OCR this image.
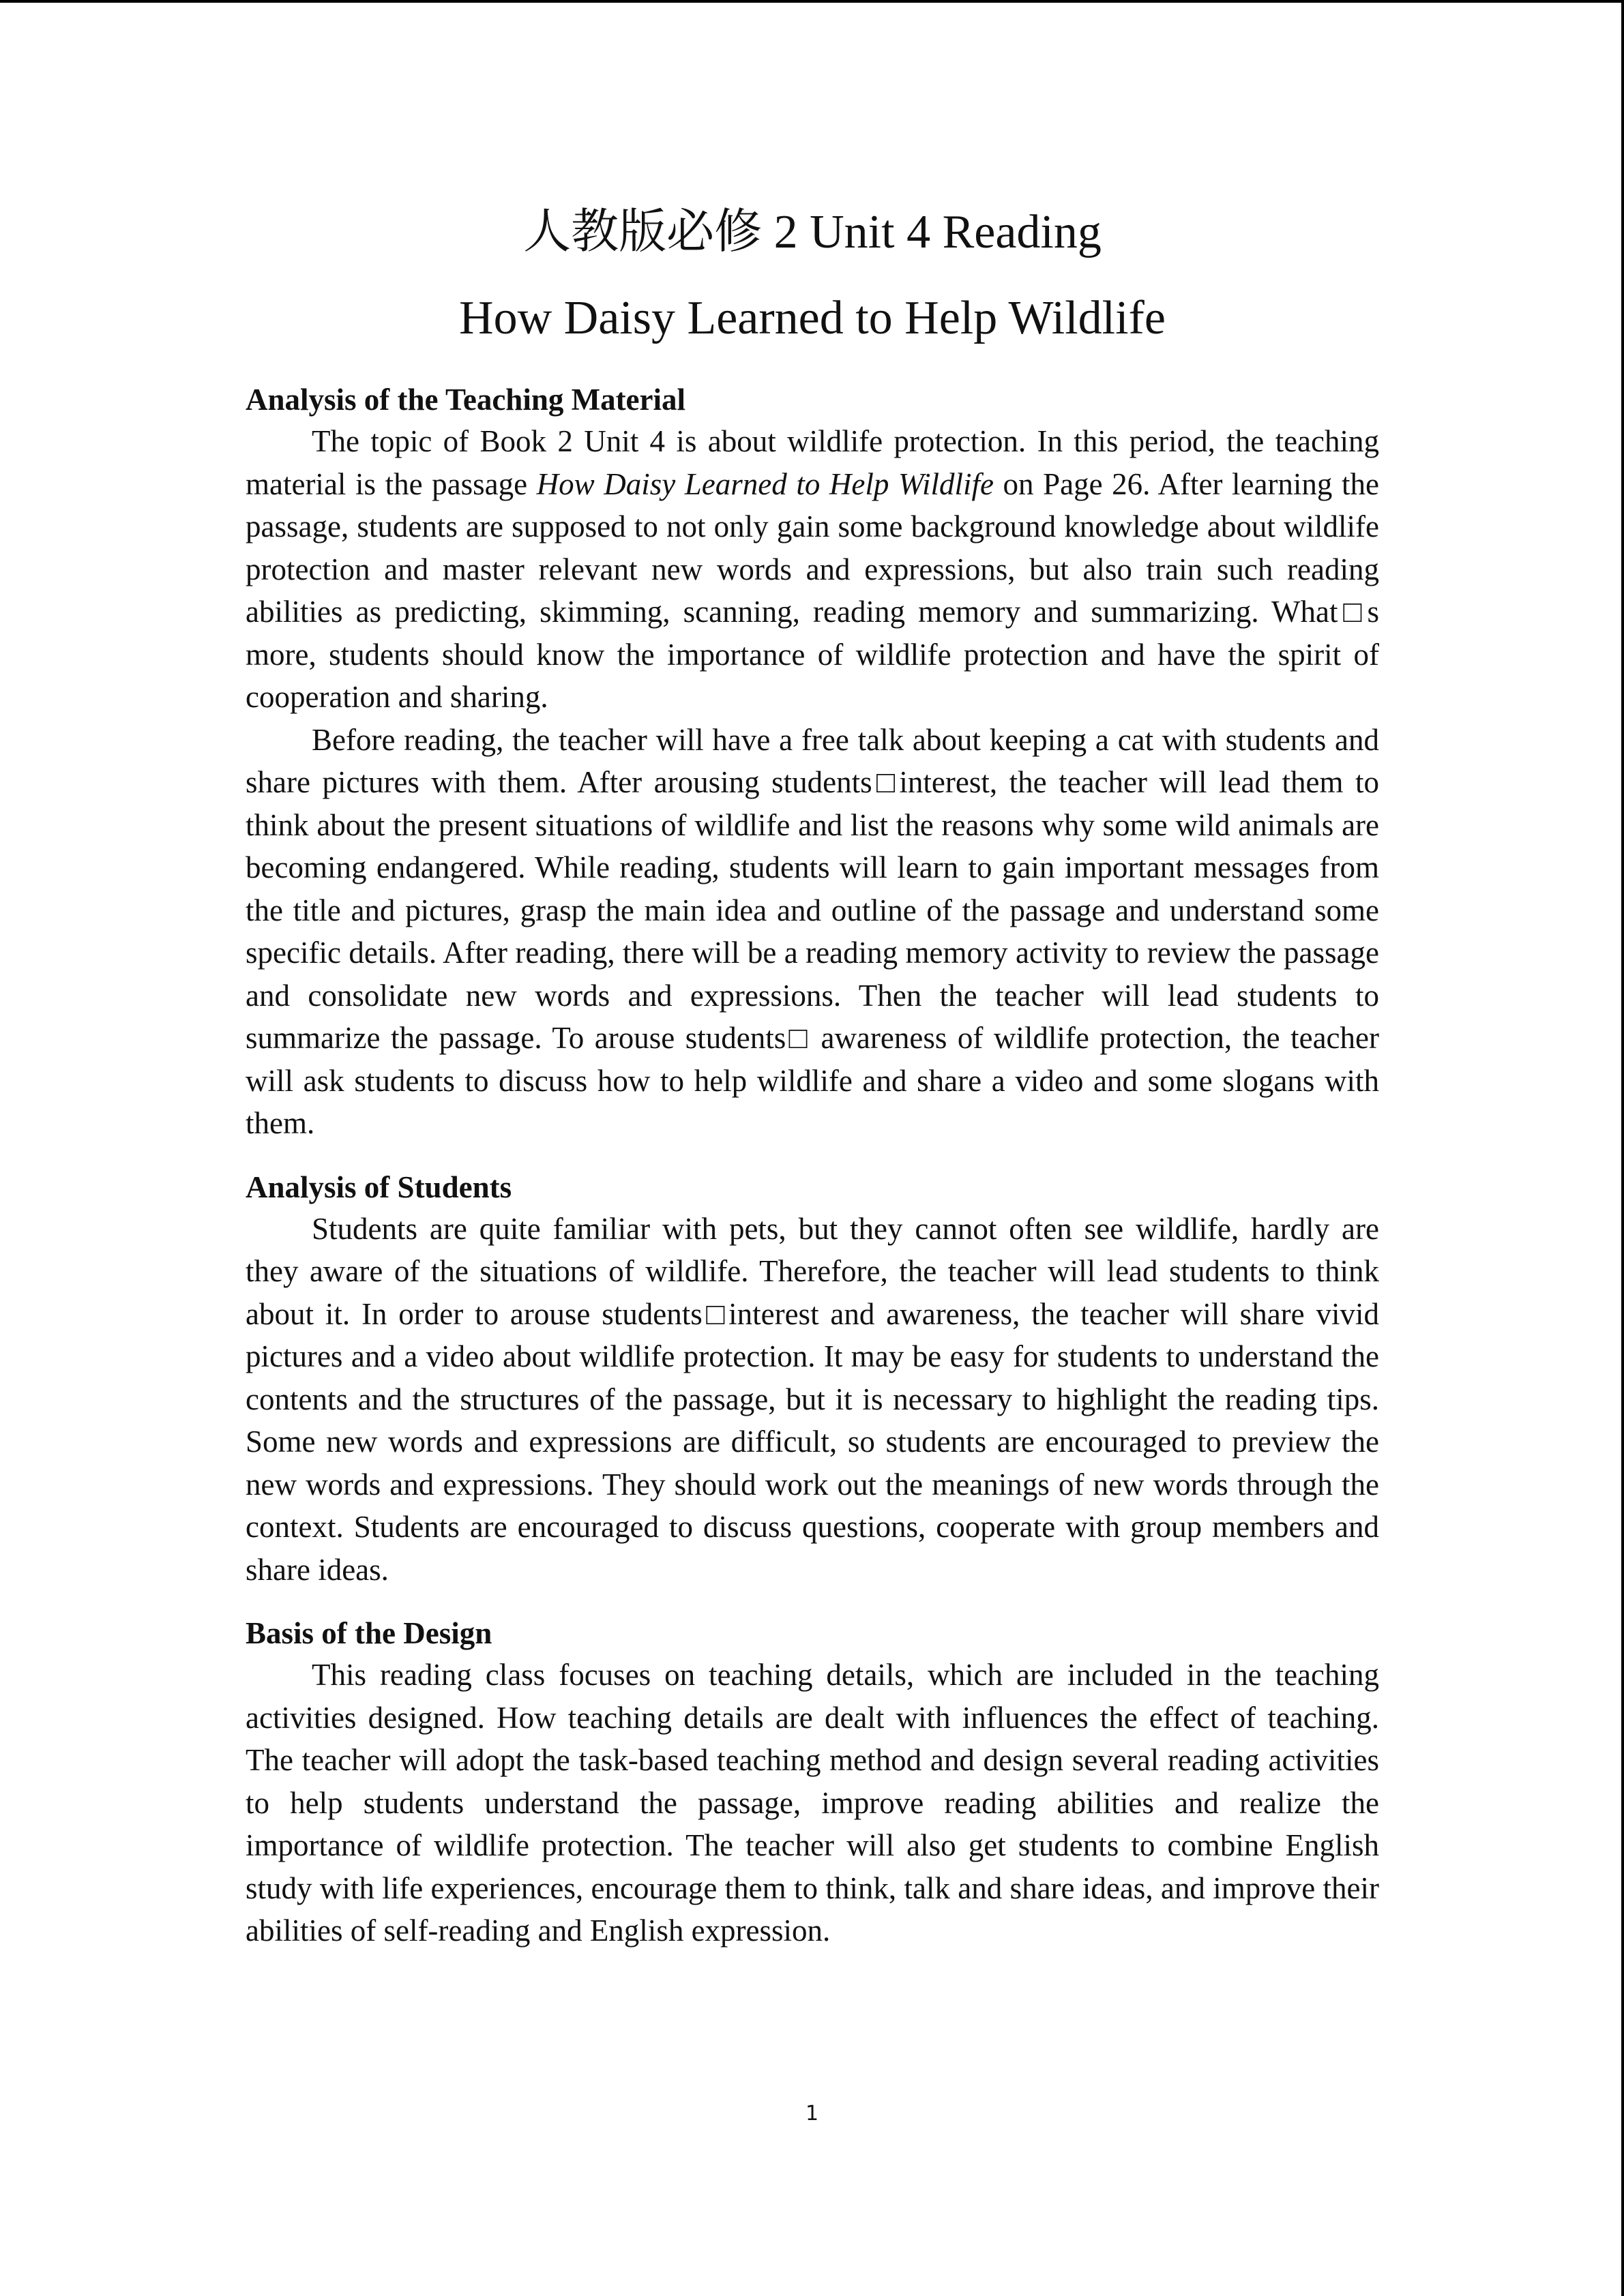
人教版必修 2 Unit 4 Reading
How Daisy Learned to Help Wildlife
Analysis of the Teaching Material

The topic of Book 2 Unit 4 is about wildlife protection. In this period, the teaching material is the passage How Daisy Learned to Help Wildlife on Page 26. After learning the passage, students are supposed to not only gain some background knowledge about wildlife protection and master relevant new words and expressions, but also train such reading abilities as predicting, skimming, scanning, reading memory and summarizing. What□s more, students should know the importance of wildlife protection and have the spirit of cooperation and sharing.

Before reading, the teacher will have a free talk about keeping a cat with students and share pictures with them. After arousing students□interest, the teacher will lead them to think about the present situations of wildlife and list the reasons why some wild animals are becoming endangered. While reading, students will learn to gain important messages from the title and pictures, grasp the main idea and outline of the passage and understand some specific details. After reading, there will be a reading memory activity to review the passage and consolidate new words and expressions. Then the teacher will lead students to summarize the passage. To arouse students□ awareness of wildlife protection, the teacher will ask students to discuss how to help wildlife and share a video and some slogans with them.

Analysis of Students

Students are quite familiar with pets, but they cannot often see wildlife, hardly are they aware of the situations of wildlife. Therefore, the teacher will lead students to think about it. In order to arouse students□interest and awareness, the teacher will share vivid pictures and a video about wildlife protection. It may be easy for students to understand the contents and the structures of the passage, but it is necessary to highlight the reading tips. Some new words and expressions are difficult, so students are encouraged to preview the new words and expressions. They should work out the meanings of new words through the context. Students are encouraged to discuss questions, cooperate with group members and share ideas.

Basis of the Design

This reading class focuses on teaching details, which are included in the teaching activities designed. How teaching details are dealt with influences the effect of teaching. The teacher will adopt the task-based teaching method and design several reading activities to help students understand the passage, improve reading abilities and realize the importance of wildlife protection. The teacher will also get students to combine English study with life experiences, encourage them to think, talk and share ideas, and improve their abilities of self-reading and English expression.

1
